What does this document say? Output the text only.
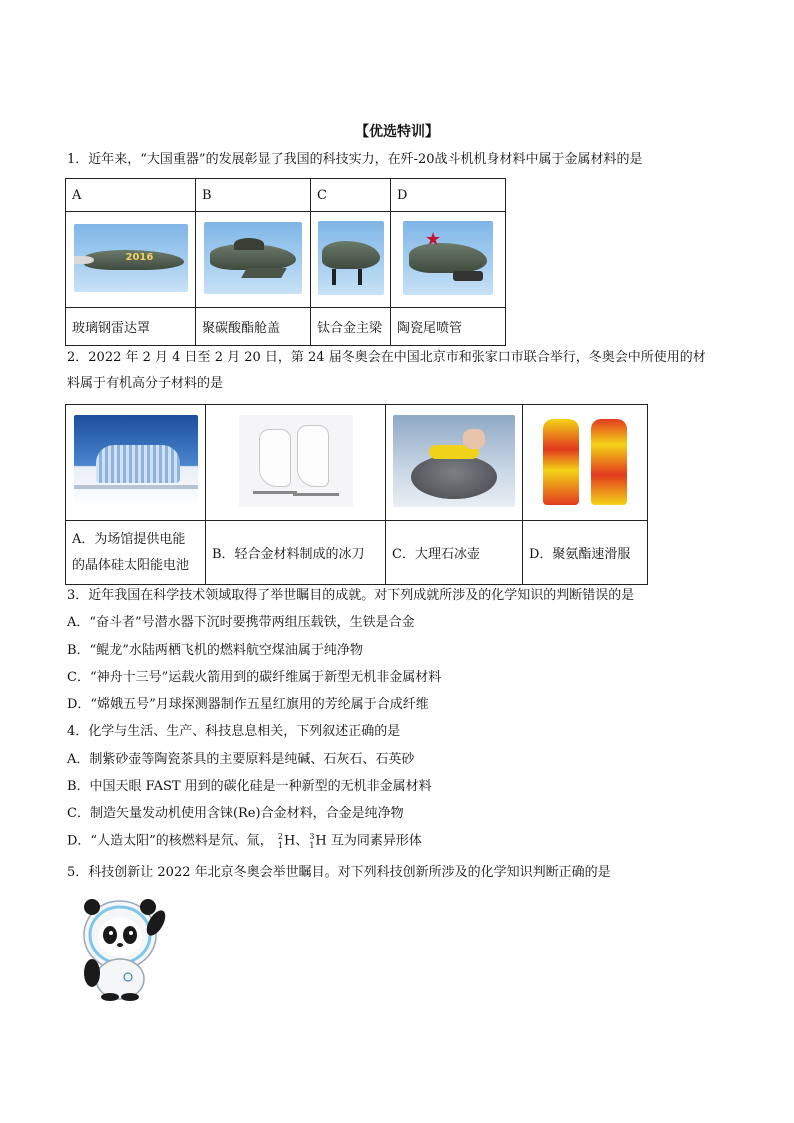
【优选特训】
1．近年来，“大国重器”的发展彰显了我国的科技实力，在歼-20战斗机机身材料中属于金属材料的是
A	B	C	D

2016			★

玻璃钢雷达罩	聚碳酸酯舱盖	钛合金主梁	陶瓷尾喷管
2．2022 年 2 月 4 日至 2 月 20 日，第 24 届冬奥会在中国北京市和张家口市联合举行，冬奥会中所使用的材
料属于有机高分子材料的是

A．为场馆提供电能
的晶体硅太阳能电池	B．轻合金材料制成的冰刀	C．大理石冰壶	D．聚氨酯速滑服
3．近年我国在科学技术领域取得了举世瞩目的成就。对下列成就所涉及的化学知识的判断错误的是
A．“奋斗者”号潜水器下沉时要携带两组压载铁，生铁是合金
B．“鲲龙”水陆两栖飞机的燃料航空煤油属于纯净物
C．“神舟十三号”运载火箭用到的碳纤维属于新型无机非金属材料
D．“嫦娥五号”月球探测器制作五星红旗用的芳纶属于合成纤维
4．化学与生活、生产、科技息息相关，下列叙述正确的是
A．制紫砂壶等陶瓷茶具的主要原料是纯碱、石灰石、石英砂
B．中国天眼 FAST 用到的碳化硅是一种新型的无机非金属材料
C．制造矢量发动机使用含铼(Re)合金材料，合金是纯净物
D．“人造太阳”的核燃料是氘、氚， 2
1 H、 3
1 H 互为同素异形体
5．科技创新让 2022 年北京冬奥会举世瞩目。对下列科技创新所涉及的化学知识判断正确的是
